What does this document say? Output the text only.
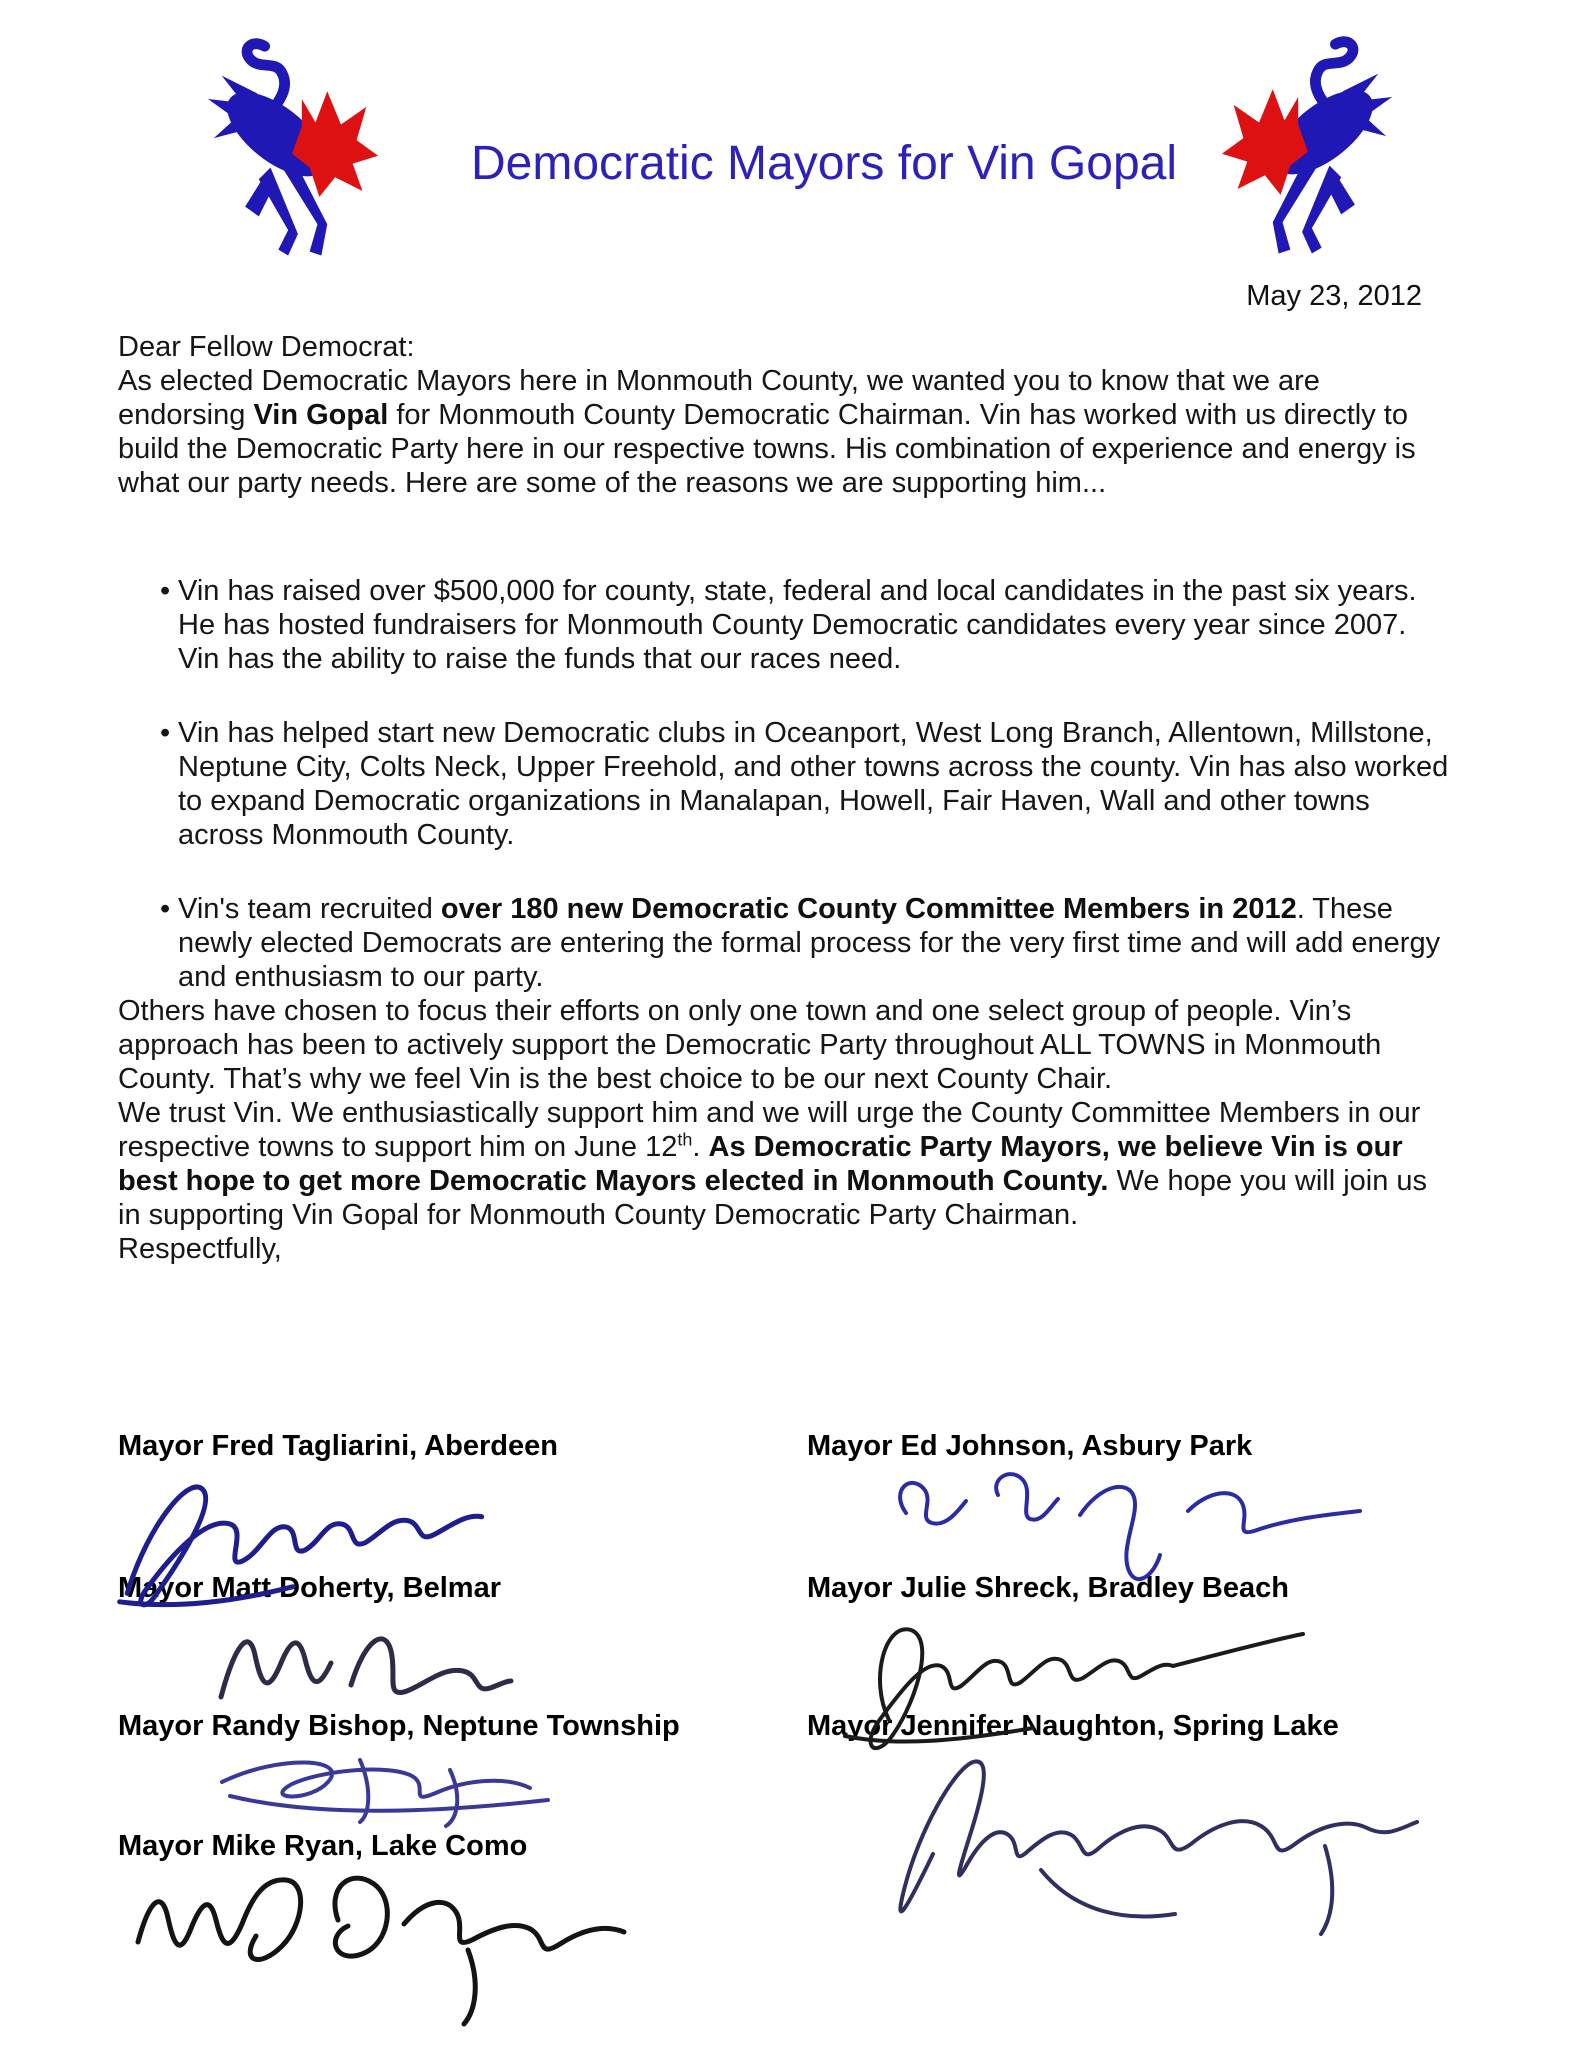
Democratic Mayors for Vin Gopal
May 23, 2012

Dear Fellow Democrat:

As elected Democratic Mayors here in Monmouth County, we wanted you to know that we are endorsing Vin Gopal for Monmouth County Democratic Chairman. Vin has worked with us directly to build the Democratic Party here in our respective towns. His combination of experience and energy is what our party needs. Here are some of the reasons we are supporting him...

• Vin has raised over $500,000 for county, state, federal and local candidates in the past six years. He has hosted fundraisers for Monmouth County Democratic candidates every year since 2007. Vin has the ability to raise the funds that our races need.
• Vin has helped start new Democratic clubs in Oceanport, West Long Branch, Allentown, Millstone, Neptune City, Colts Neck, Upper Freehold, and other towns across the county. Vin has also worked to expand Democratic organizations in Manalapan, Howell, Fair Haven, Wall and other towns across Monmouth County.
• Vin's team recruited over 180 new Democratic County Committee Members in 2012. These newly elected Democrats are entering the formal process for the very first time and will add energy and enthusiasm to our party.

Others have chosen to focus their efforts on only one town and one select group of people. Vin’s approach has been to actively support the Democratic Party throughout ALL TOWNS in Monmouth County. That’s why we feel Vin is the best choice to be our next County Chair.

We trust Vin. We enthusiastically support him and we will urge the County Committee Members in our respective towns to support him on June 12th. As Democratic Party Mayors, we believe Vin is our best hope to get more Democratic Mayors elected in Monmouth County. We hope you will join us in supporting Vin Gopal for Monmouth County Democratic Party Chairman.

Respectfully,

Mayor Fred Tagliarini, Aberdeen	Mayor Ed Johnson, Asbury Park
Mayor Matt Doherty, Belmar	Mayor Julie Shreck, Bradley Beach
Mayor Randy Bishop, Neptune Township	Mayor Jennifer Naughton, Spring Lake
Mayor Mike Ryan, Lake Como
